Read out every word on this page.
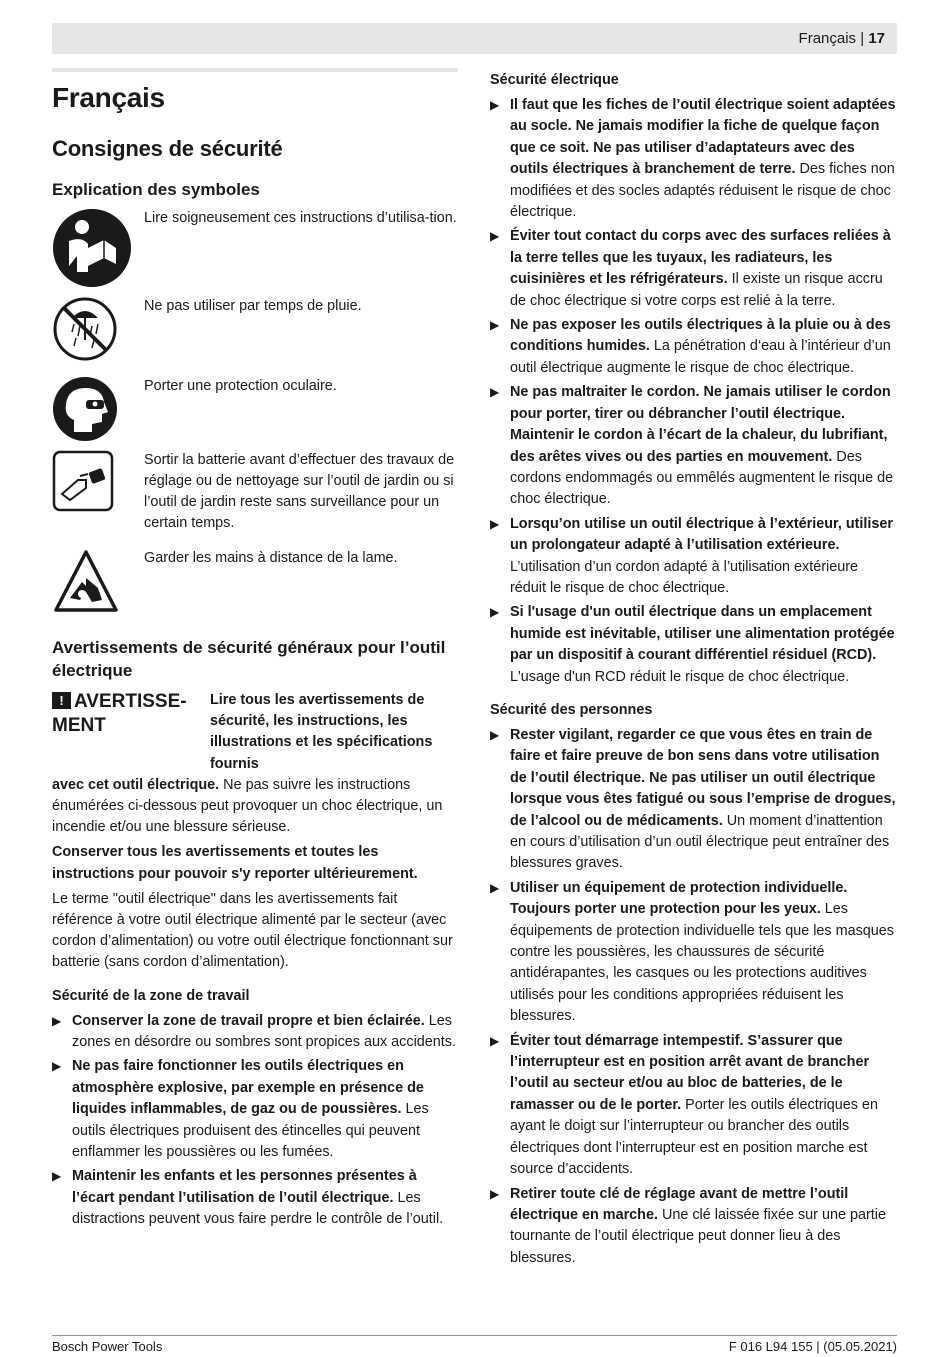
Français | 17
Français
Consignes de sécurité
Explication des symboles
Lire soigneusement ces instructions d’utilisa-tion.
Ne pas utiliser par temps de pluie.
Porter une protection oculaire.
Sortir la batterie avant d’effectuer des travaux de réglage ou de nettoyage sur l’outil de jardin ou si l’outil de jardin reste sans surveillance pour un certain temps.
Garder les mains à distance de la lame.
Avertissements de sécurité généraux pour l’outil électrique
! AVERTISSE-MENT
Lire tous les avertissements de sécurité, les instructions, les illustrations et les spécifications fournis

avec cet outil électrique. Ne pas suivre les instructions énumérées ci-dessous peut provoquer un choc électrique, un incendie et/ou une blessure sérieuse.

Conserver tous les avertissements et toutes les instructions pour pouvoir s'y reporter ultérieurement.

Le terme "outil électrique" dans les avertissements fait référence à votre outil électrique alimenté par le secteur (avec cordon d’alimentation) ou votre outil électrique fonctionnant sur batterie (sans cordon d’alimentation).

Sécurité de la zone de travail
▶ Conserver la zone de travail propre et bien éclairée. Les zones en désordre ou sombres sont propices aux accidents.
▶ Ne pas faire fonctionner les outils électriques en atmosphère explosive, par exemple en présence de liquides inflammables, de gaz ou de poussières. Les outils électriques produisent des étincelles qui peuvent enflammer les poussières ou les fumées.
▶ Maintenir les enfants et les personnes présentes à l’écart pendant l’utilisation de l’outil électrique. Les distractions peuvent vous faire perdre le contrôle de l’outil.
Sécurité électrique
▶ Il faut que les fiches de l’outil électrique soient adaptées au socle. Ne jamais modifier la fiche de quelque façon que ce soit. Ne pas utiliser d’adaptateurs avec des outils électriques à branchement de terre. Des fiches non modifiées et des socles adaptés réduisent le risque de choc électrique.
▶ Éviter tout contact du corps avec des surfaces reliées à la terre telles que les tuyaux, les radiateurs, les cuisinières et les réfrigérateurs. Il existe un risque accru de choc électrique si votre corps est relié à la terre.
▶ Ne pas exposer les outils électriques à la pluie ou à des conditions humides. La pénétration d‘eau à l’intérieur d’un outil électrique augmente le risque de choc électrique.
▶ Ne pas maltraiter le cordon. Ne jamais utiliser le cordon pour porter, tirer ou débrancher l’outil électrique. Maintenir le cordon à l’écart de la chaleur, du lubrifiant, des arêtes vives ou des parties en mouvement. Des cordons endommagés ou emmêlés augmentent le risque de choc électrique.
▶ Lorsqu’on utilise un outil électrique à l’extérieur, utiliser un prolongateur adapté à l’utilisation extérieure. L’utilisation d’un cordon adapté à l’utilisation extérieure réduit le risque de choc électrique.
▶ Si l'usage d'un outil électrique dans un emplacement humide est inévitable, utiliser une alimentation protégée par un dispositif à courant différentiel résiduel (RCD). L'usage d'un RCD réduit le risque de choc électrique.
Sécurité des personnes
▶ Rester vigilant, regarder ce que vous êtes en train de faire et faire preuve de bon sens dans votre utilisation de l’outil électrique. Ne pas utiliser un outil électrique lorsque vous êtes fatigué ou sous l’emprise de drogues, de l’alcool ou de médicaments. Un moment d’inattention en cours d’utilisation d’un outil électrique peut entraîner des blessures graves.
▶ Utiliser un équipement de protection individuelle. Toujours porter une protection pour les yeux. Les équipements de protection individuelle tels que les masques contre les poussières, les chaussures de sécurité antidérapantes, les casques ou les protections auditives utilisés pour les conditions appropriées réduisent les blessures.
▶ Éviter tout démarrage intempestif. S’assurer que l’interrupteur est en position arrêt avant de brancher l’outil au secteur et/ou au bloc de batteries, de le ramasser ou de le porter. Porter les outils électriques en ayant le doigt sur l’interrupteur ou brancher des outils électriques dont l’interrupteur est en position marche est source d’accidents.
▶ Retirer toute clé de réglage avant de mettre l’outil électrique en marche. Une clé laissée fixée sur une partie tournante de l’outil électrique peut donner lieu à des blessures.
Bosch Power Tools	F 016 L94 155 | (05.05.2021)
